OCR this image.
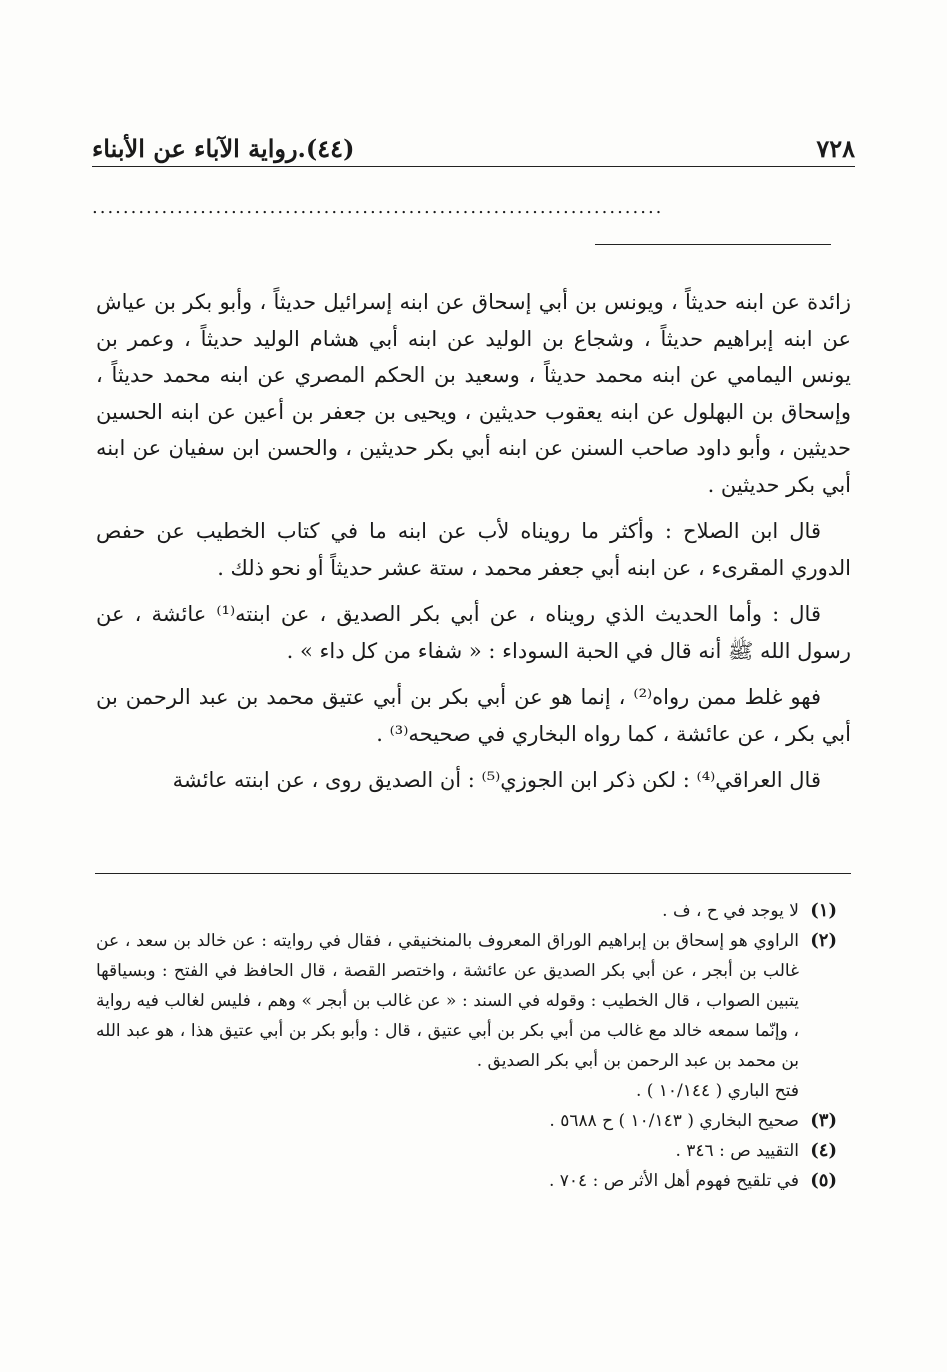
٧٢٨
(٤٤).رواية الآباء عن الأبناء
..........................................................................

زائدة عن ابنه حديثاً ، ويونس بن أبي إسحاق عن ابنه إسرائيل حديثاً ، وأبو بكر بن عياش عن ابنه إبراهيم حديثاً ، وشجاع بن الوليد عن ابنه أبي هشام الوليد حديثاً ، وعمر بن يونس اليمامي عن ابنه محمد حديثاً ، وسعيد بن الحكم المصري عن ابنه محمد حديثاً ، وإسحاق بن البهلول عن ابنه يعقوب حديثين ، ويحيى بن جعفر بن أعين عن ابنه الحسين حديثين ، وأبو داود صاحب السنن عن ابنه أبي بكر حديثين ، والحسن ابن سفيان عن ابنه أبي بكر حديثين .

قال ابن الصلاح : وأكثر ما رويناه لأب عن ابنه ما في كتاب الخطيب عن حفص الدوري المقرىء ، عن ابنه أبي جعفر محمد ، ستة عشر حديثاً أو نحو ذلك .

قال : وأما الحديث الذي رويناه ، عن أبي بكر الصديق ، عن ابنته⁽¹⁾ عائشة ، عن رسول الله ﷺ أنه قال في الحبة السوداء : « شفاء من كل داء » .

فهو غلط ممن رواه⁽²⁾ ، إنما هو عن أبي بكر بن أبي عتيق محمد بن عبد الرحمن بن أبي بكر ، عن عائشة ، كما رواه البخاري في صحيحه⁽³⁾ .

قال العراقي⁽⁴⁾ : لكن ذكر ابن الجوزي⁽⁵⁾ : أن الصديق روى ، عن ابنته عائشة

(١)

لا يوجد في ح ، ف .

(٢)

الراوي هو إسحاق بن إبراهيم الوراق المعروف بالمنخنيقي ، فقال في روايته : عن خالد بن سعد ، عن غالب بن أبجر ، عن أبي بكر الصديق عن عائشة ، واختصر القصة ، قال الحافظ في الفتح : وبسياقها يتبين الصواب ، قال الخطيب : وقوله في السند : « عن غالب بن أبجر » وهم ، فليس لغالب فيه رواية ، وإنّما سمعه خالد مع غالب من أبي بكر بن أبي عتيق ، قال : وأبو بكر بن أبي عتيق هذا ، هو عبد الله بن محمد بن عبد الرحمن بن أبي بكر الصديق .

فتح الباري ( ١٠/١٤٤ ) .

(٣)

صحيح البخاري ( ١٠/١٤٣ ) ح ٥٦٨٨ .

(٤)

التقييد ص : ٣٤٦ .

(٥)

في تلقيح فهوم أهل الأثر ص : ٧٠٤ .
